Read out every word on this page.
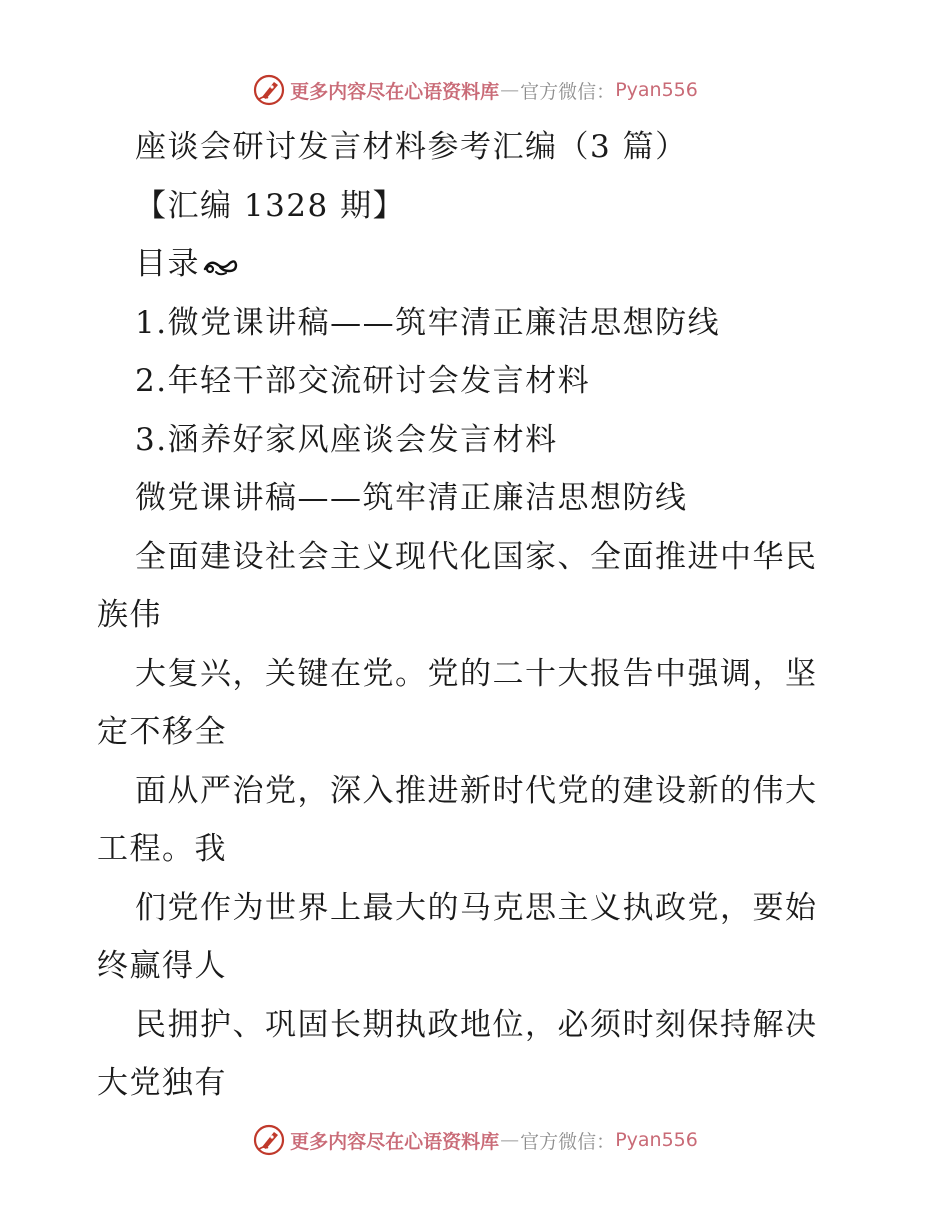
更多内容尽在心语资料库 — 官方微信： Pyan556
座谈会研讨发言材料参考汇编（3 篇）
【汇编 1328 期】
目录
1.微党课讲稿——筑牢清正廉洁思想防线
2.年轻干部交流研讨会发言材料
3.涵养好家风座谈会发言材料
微党课讲稿——筑牢清正廉洁思想防线
全面建设社会主义现代化国家、全面推进中华民
族伟
大复兴，关键在党。党的二十大报告中强调，坚
定不移全
面从严治党，深入推进新时代党的建设新的伟大
工程。我
们党作为世界上最大的马克思主义执政党，要始
终赢得人
民拥护、巩固长期执政地位，必须时刻保持解决
大党独有
更多内容尽在心语资料库 — 官方微信： Pyan556
